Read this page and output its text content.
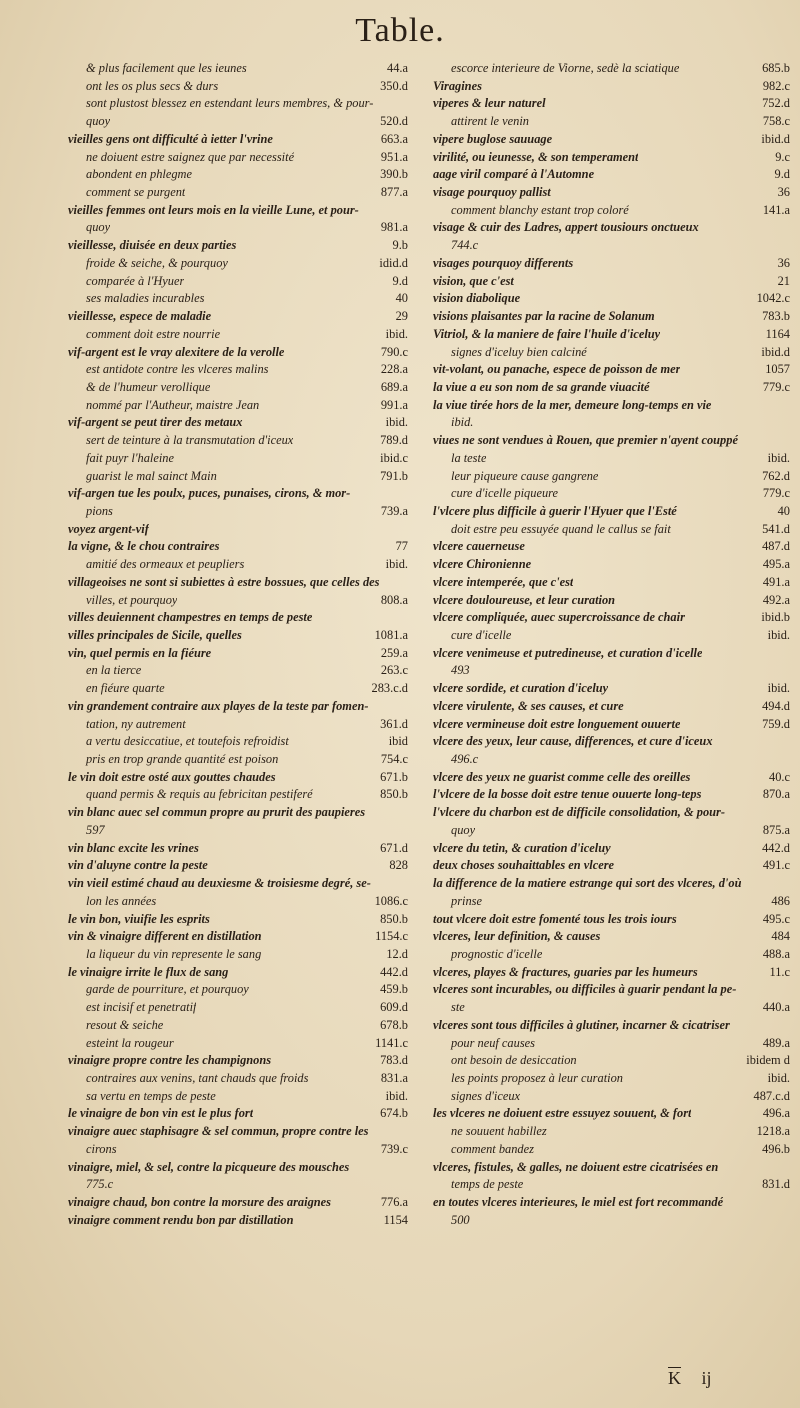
Table.
& plus facilement que les ieunes	44.a
ont les os plus secs & durs	350.d
sont plustost blessez en estendant leurs membres, & pour-
quoy	520.d
vieilles gens ont difficulté à ietter l'vrine	663.a
ne doiuent estre saignez que par necessité	951.a
abondent en phlegme	390.b
comment se purgent	877.a
vieilles femmes ont leurs mois en la vieille Lune, et pour-
quoy	981.a
vieillesse, diuisée en deux parties	9.b
froide & seiche, & pourquoy	idid.d
comparée à l'Hyuer	9.d
ses maladies incurables	40
vieillesse, espece de maladie	29
comment doit estre nourrie	ibid.
vif-argent est le vray alexitere de la verolle	790.c
est antidote contre les vlceres malins	228.a
& de l'humeur verollique	689.a
nommé par l'Autheur, maistre Jean	991.a
vif-argent se peut tirer des metaux	ibid.
sert de teinture à la transmutation d'iceux	789.d
fait puyr l'haleine	ibid.c
guarist le mal sainct Main	791.b
vif-argen tue les poulx, puces, punaises, cirons, & mor-
pions	739.a
voyez argent-vif
la vigne, & le chou contraires	77
amitié des ormeaux et peupliers	ibid.
villageoises ne sont si subiettes à estre bossues, que celles des
villes, et pourquoy	808.a
villes deuiennent champestres en temps de peste
villes principales de Sicile, quelles	1081.a
vin, quel permis en la fiéure	259.a
en la tierce	263.c
en fiéure quarte	283.c.d
vin grandement contraire aux playes de la teste par fomen-
tation, ny autrement	361.d
a vertu desiccatiue, et toutefois refroidist	ibid
pris en trop grande quantité est poison	754.c
le vin doit estre osté aux gouttes chaudes	671.b
quand permis & requis au febricitan pestiferé	850.b
vin blanc auec sel commun propre au prurit des paupieres
597
vin blanc excite les vrines	671.d
vin d'aluyne contre la peste	828
vin vieil estimé chaud au deuxiesme & troisiesme degré, se-
lon les années	1086.c
le vin bon, viuifie les esprits	850.b
vin & vinaigre different en distillation	1154.c
la liqueur du vin represente le sang	12.d
le vinaigre irrite le flux de sang	442.d
garde de pourriture, et pourquoy	459.b
est incisif et penetratif	609.d
resout & seiche	678.b
esteint la rougeur	1141.c
vinaigre propre contre les champignons	783.d
contraires aux venins, tant chauds que froids	831.a
sa vertu en temps de peste	ibid.
le vinaigre de bon vin est le plus fort	674.b
vinaigre auec staphisagre & sel commun, propre contre les
cirons	739.c
vinaigre, miel, & sel, contre la picqueure des mousches
775.c
vinaigre chaud, bon contre la morsure des araignes	776.a
vinaigre comment rendu bon par distillation	1154
escorce interieure de Viorne, sedè la sciatique	685.b
Viragines	982.c
viperes & leur naturel	752.d
attirent le venin	758.c
vipere buglose sauuage	ibid.d
virilité, ou ieunesse, & son temperament	9.c
aage viril comparé à l'Automne	9.d
visage pourquoy pallist	36
comment blanchy estant trop coloré	141.a
visage & cuir des Ladres, appert tousiours onctueux
744.c
visages pourquoy differents	36
vision, que c'est	21
vision diabolique	1042.c
visions plaisantes par la racine de Solanum	783.b
Vitriol, & la maniere de faire l'huile d'iceluy	1164
signes d'iceluy bien calciné	ibid.d
vit-volant, ou panache, espece de poisson de mer	1057
la viue a eu son nom de sa grande viuacité	779.c
la viue tirée hors de la mer, demeure long-temps en vie
ibid.
viues ne sont vendues à Rouen, que premier n'ayent couppé
la teste	ibid.
leur piqueure cause gangrene	762.d
cure d'icelle piqueure	779.c
l'vlcere plus difficile à guerir l'Hyuer que l'Esté	40
doit estre peu essuyée quand le callus se fait	541.d
vlcere cauerneuse	487.d
vlcere Chironienne	495.a
vlcere intemperée, que c'est	491.a
vlcere douloureuse, et leur curation	492.a
vlcere compliquée, auec supercroissance de chair	ibid.b
cure d'icelle	ibid.
vlcere venimeuse et putredineuse, et curation d'icelle
493
vlcere sordide, et curation d'iceluy	ibid.
vlcere virulente, & ses causes, et cure	494.d
vlcere vermineuse doit estre longuement ouuerte	759.d
vlcere des yeux, leur cause, differences, et cure d'iceux
496.c
vlcere des yeux ne guarist comme celle des oreilles	40.c
l'vlcere de la bosse doit estre tenue ouuerte long-teps	870.a
l'vlcere du charbon est de difficile consolidation, & pour-
quoy	875.a
vlcere du tetin, & curation d'iceluy	442.d
deux choses souhaittables en vlcere	491.c
la difference de la matiere estrange qui sort des vlceres, d'où
prinse	486
tout vlcere doit estre fomenté tous les trois iours	495.c
vlceres, leur definition, & causes	484
prognostic d'icelle	488.a
vlceres, playes & fractures, guaries par les humeurs	11.c
vlceres sont incurables, ou difficiles à guarir pendant la pe-
ste	440.a
vlceres sont tous difficiles à glutiner, incarner & cicatriser
pour neuf causes	489.a
ont besoin de desiccation	ibidem d
les points proposez à leur curation	ibid.
signes d'iceux	487.c.d
les vlceres ne doiuent estre essuyez souuent, & fort	496.a
ne souuent habillez	1218.a
comment bandez	496.b
vlceres, fistules, & galles, ne doiuent estre cicatrisées en
temps de peste	831.d
en toutes vlceres interieures, le miel est fort recommandé
500
K ij
